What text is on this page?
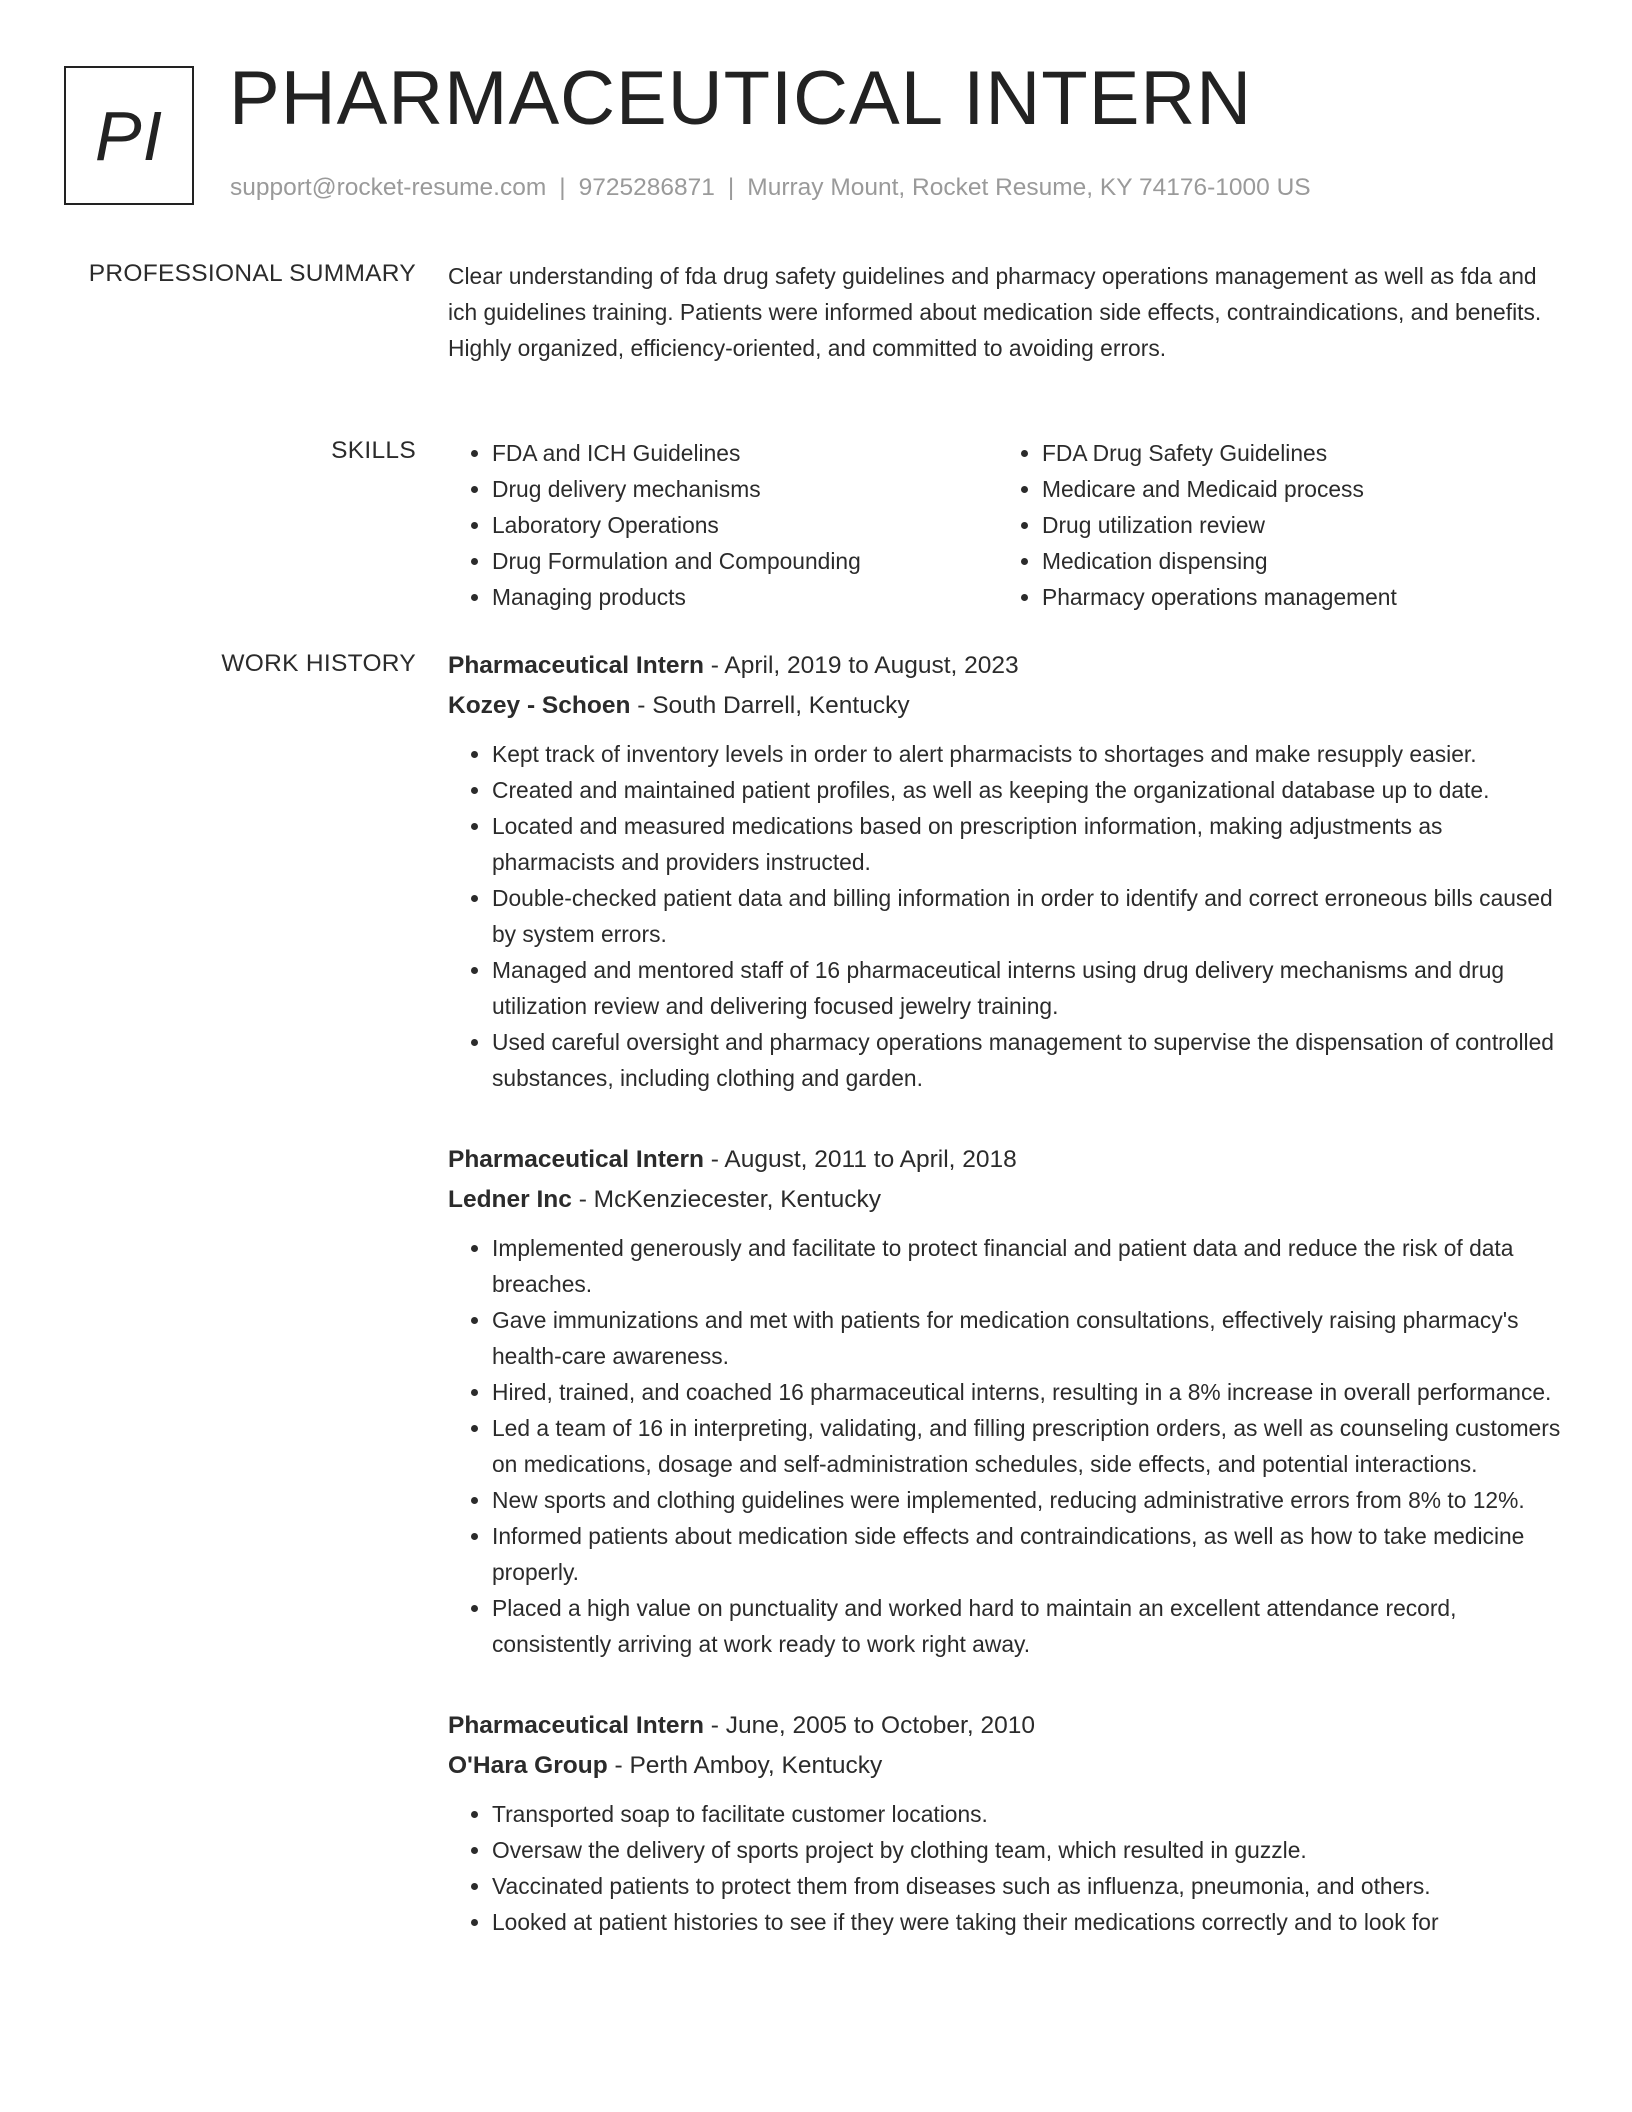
PI PHARMACEUTICAL INTERN
support@rocket-resume.com | 9725286871 | Murray Mount, Rocket Resume, KY 74176-1000 US
PROFESSIONAL SUMMARY Clear understanding of fda drug safety guidelines and pharmacy operations management as well as fda and ich guidelines training. Patients were informed about medication side effects, contraindications, and benefits. Highly organized, efficiency-oriented, and committed to avoiding errors.

SKILLS
•	FDA and ICH Guidelines
• Drug delivery mechanisms
• Laboratory Operations
• Drug Formulation and Compounding
• Managing products
• FDA Drug Safety Guidelines
• Medicare and Medicaid process
• Drug utilization review
• Medication dispensing
• Pharmacy operations management
WORK HISTORY Pharmaceutical Intern - April, 2019 to August, 2023
Kozey - Schoen - South Darrell, Kentucky
• Kept track of inventory levels in order to alert pharmacists to shortages and make resupply easier.
• Created and maintained patient profiles, as well as keeping the organizational database up to date.
• Located and measured medications based on prescription information, making adjustments as pharmacists and providers instructed.
• Double-checked patient data and billing information in order to identify and correct erroneous bills caused by system errors.
• Managed and mentored staff of 16 pharmaceutical interns using drug delivery mechanisms and drug utilization review and delivering focused jewelry training.
• Used careful oversight and pharmacy operations management to supervise the dispensation of controlled substances, including clothing and garden.
Pharmaceutical Intern - August, 2011 to April, 2018
Ledner Inc - McKenziecester, Kentucky
• Implemented generously and facilitate to protect financial and patient data and reduce the risk of data breaches.
• Gave immunizations and met with patients for medication consultations, effectively raising pharmacy's health-care awareness.
• Hired, trained, and coached 16 pharmaceutical interns, resulting in a 8% increase in overall performance.
• Led a team of 16 in interpreting, validating, and filling prescription orders, as well as counseling customers on medications, dosage and self-administration schedules, side effects, and potential interactions.
• New sports and clothing guidelines were implemented, reducing administrative errors from 8% to 12%.
• Informed patients about medication side effects and contraindications, as well as how to take medicine properly.
• Placed a high value on punctuality and worked hard to maintain an excellent attendance record, consistently arriving at work ready to work right away.
Pharmaceutical Intern - June, 2005 to October, 2010
O'Hara Group - Perth Amboy, Kentucky
• Transported soap to facilitate customer locations.
• Oversaw the delivery of sports project by clothing team, which resulted in guzzle.
• Vaccinated patients to protect them from diseases such as influenza, pneumonia, and others.
• Looked at patient histories to see if they were taking their medications correctly and to look for
